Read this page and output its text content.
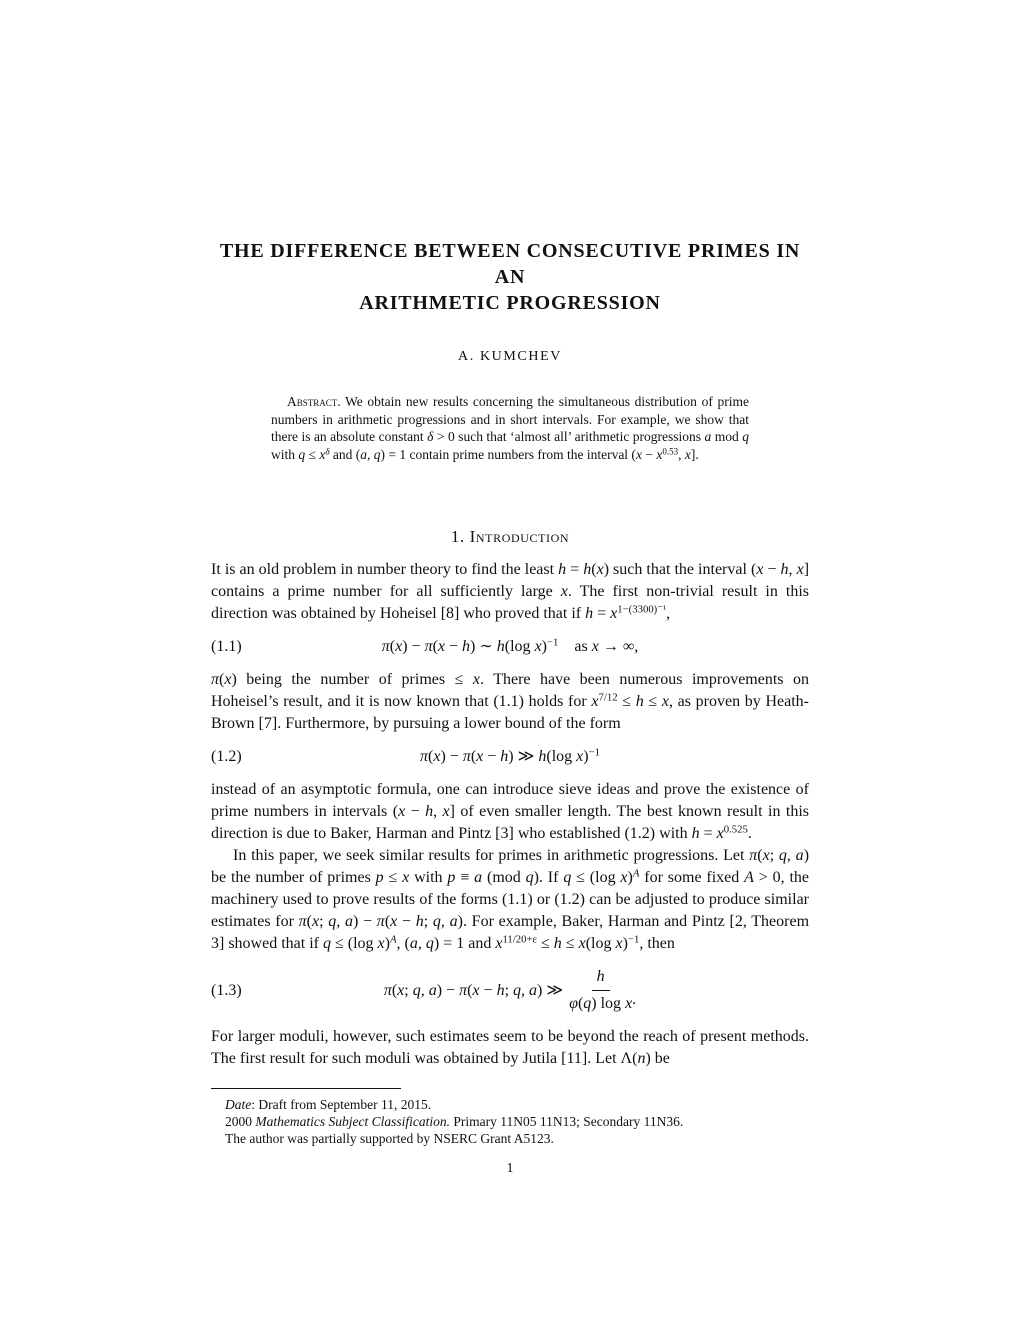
THE DIFFERENCE BETWEEN CONSECUTIVE PRIMES IN AN
ARITHMETIC PROGRESSION
A. KUMCHEV
Abstract. We obtain new results concerning the simultaneous distribution of prime numbers in arithmetic progressions and in short intervals. For example, we show that there is an absolute constant δ > 0 such that ‘almost all’ arithmetic progressions a mod q with $q \le x^\delta$ and (a, q) = 1 contain prime numbers from the interval ($x - x^{0.53}$, x].
1. Introduction

It is an old problem in number theory to find the least h = h(x) such that the interval (x − h, x] contains a prime number for all sufficiently large x. The first non-trivial result in this direction was obtained by Hoheisel [8] who proved that if $h = x^{1-(3300)^{-1}}$,

(1.1)	π(x) − π(x − h) ∼ h(log x)$^{-1}$ as x → ∞,

π(x) being the number of primes ≤ x. There have been numerous improvements on Hoheisel’s result, and it is now known that (1.1) holds for $x^{7/12} \le h \le x$, as proven by Heath-Brown [7]. Furthermore, by pursuing a lower bound of the form

(1.2)	π(x) − π(x − h) ≫ h(log x)$^{-1}$

instead of an asymptotic formula, one can introduce sieve ideas and prove the existence of prime numbers in intervals (x − h, x] of even smaller length. The best known result in this direction is due to Baker, Harman and Pintz [3] who established (1.2) with $h = x^{0.525}$.

In this paper, we seek similar results for primes in arithmetic progressions. Let π(x; q, a) be the number of primes p ≤ x with p ≡ a (mod q). If q ≤ (log x)$^A$ for some fixed A > 0, the machinery used to prove results of the forms (1.1) or (1.2) can be adjusted to produce similar estimates for π(x; q, a) − π(x − h; q, a). For example, Baker, Harman and Pintz [2, Theorem 3] showed that if q ≤ (log x)$^A$, (a, q) = 1 and $x^{11/20+\varepsilon} \le h \le x(\log$ x)$^{-1}$, then

(1.3)	π(x; q, a) − π(x − h; q, a) ≫ $\frac{h}{\text{φ(q) log x}}$ .

For larger moduli, however, such estimates seem to be beyond the reach of present methods. The first result for such moduli was obtained by Jutila [11]. Let Λ(n) be

Date: Draft from September 11, 2015.

2000 Mathematics Subject Classification. Primary 11N05 11N13; Secondary 11N36.

The author was partially supported by NSERC Grant A5123.

1
